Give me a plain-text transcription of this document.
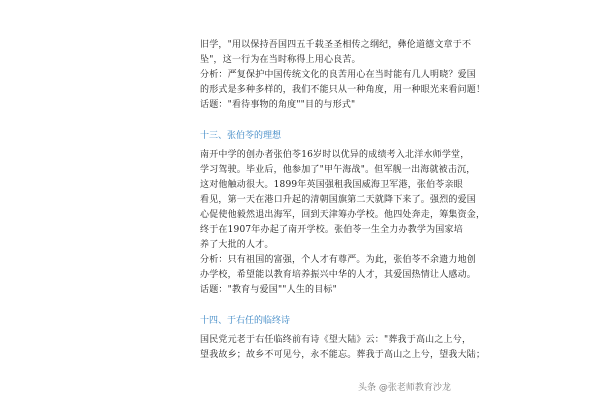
旧学，"用以保持吾国四五千载圣圣相传之纲纪，彝伦道德文章于不
坠"，这一行为在当时称得上用心良苦。
分析：严复保护中国传统文化的良苦用心在当时能有几人明晓？爱国
的形式是多种多样的，我们不能只从一种角度，用一种眼光来看问题！
话题："看待事物的角度""目的与形式"
十三、张伯苓的理想
南开中学的创办者张伯苓16岁时以优异的成绩考入北洋水师学堂，
学习驾驶。毕业后，他参加了"甲午海战"。但军舰一出海就被击沉，
这对他触动很大。1899年英国强租我国威海卫军港，张伯苓亲眼
看见，第一天在港口升起的清朝国旗第二天就降下来了。强烈的爱国
心促使他毅然退出海军，回到天津筹办学校。他四处奔走，筹集资金，
终于在1907年办起了南开学校。张伯苓一生全力办教学为国家培
养了大批的人才。
分析：只有祖国的富强，个人才有尊严。为此，张伯苓不余遗力地创
办学校，希望能以教育培养振兴中华的人才，其爱国热情让人感动。
话题："教育与爱国""人生的目标"
十四、于右任的临终诗
国民党元老于右任临终前有诗《望大陆》云："葬我于高山之上兮，
望我故乡；故乡不可见兮，永不能忘。葬我于高山之上兮，望我大陆；
头条 @张老师教育沙龙
